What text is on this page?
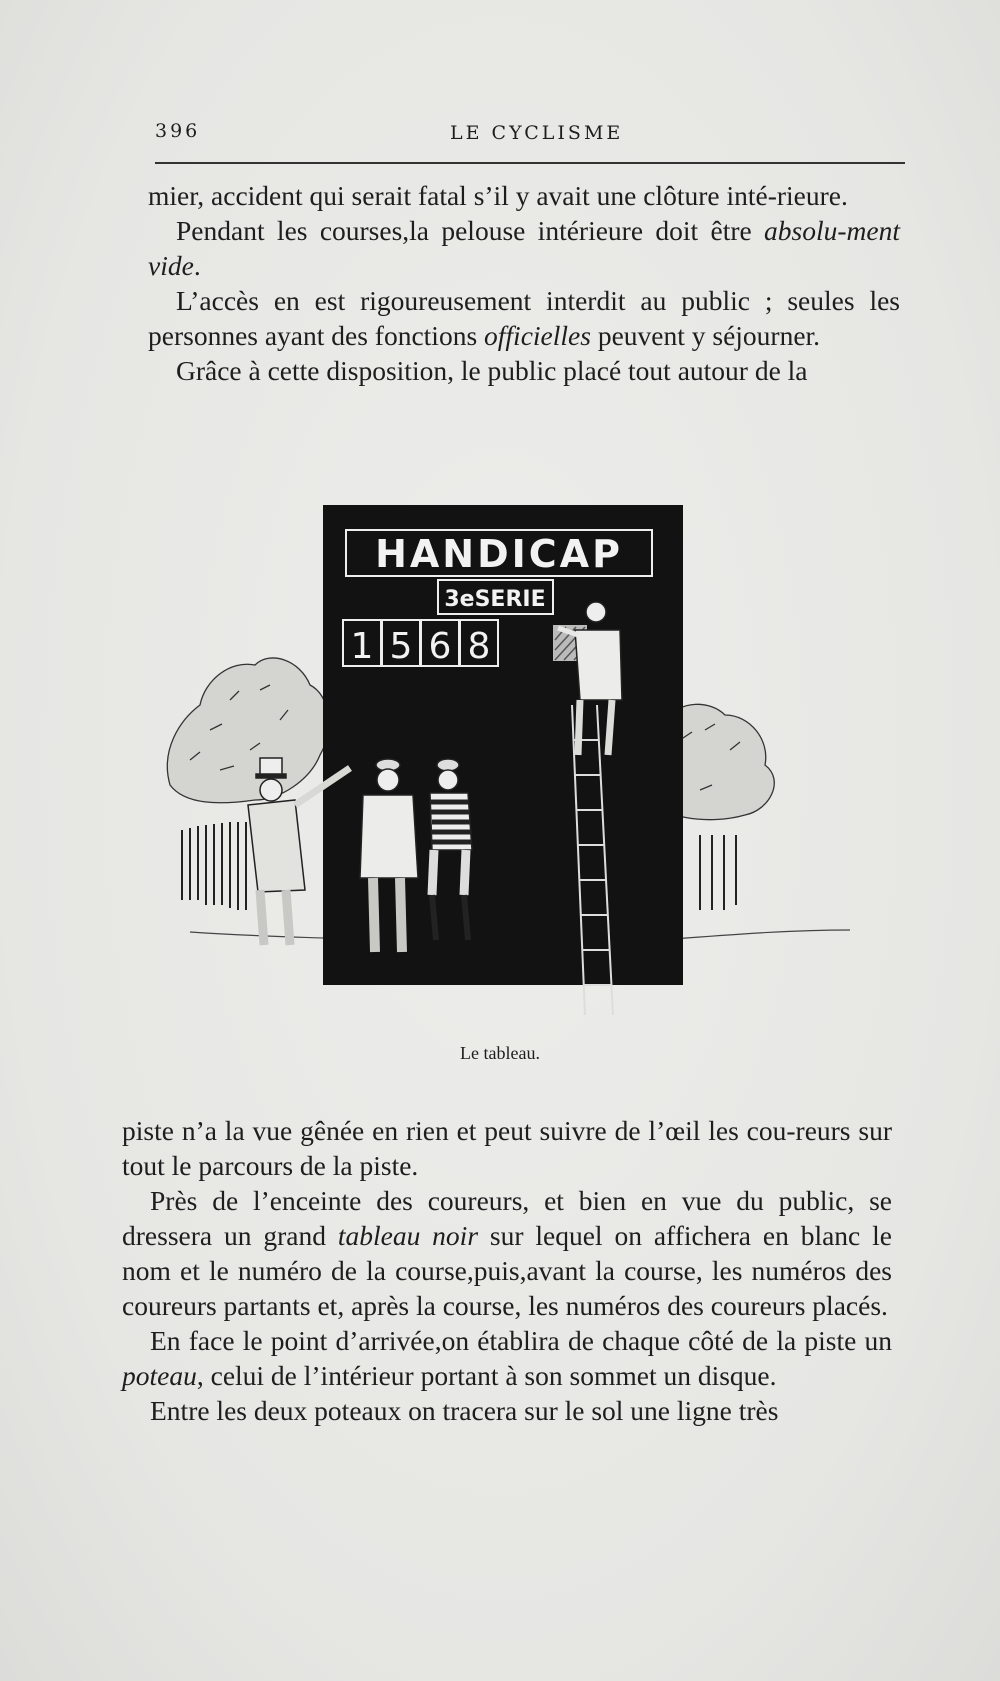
396	LE CYCLISME

mier, accident qui serait fatal s’il y avait une clôture inté-rieure.

Pendant les courses,la pelouse intérieure doit être absolu-ment vide.

L’accès en est rigoureusement interdit au public ; seules les personnes ayant des fonctions officielles peuvent y séjourner.

Grâce à cette disposition, le public placé tout autour de la

HANDICAP
3eSERIE
1 5 6 8
Le tableau.

piste n’a la vue gênée en rien et peut suivre de l’œil les cou-reurs sur tout le parcours de la piste.

Près de l’enceinte des coureurs, et bien en vue du public, se dressera un grand tableau noir sur lequel on affichera en blanc le nom et le numéro de la course,puis,avant la course, les numéros des coureurs partants et, après la course, les numéros des coureurs placés.

En face le point d’arrivée,on établira de chaque côté de la piste un poteau, celui de l’intérieur portant à son sommet un disque.

Entre les deux poteaux on tracera sur le sol une ligne très
